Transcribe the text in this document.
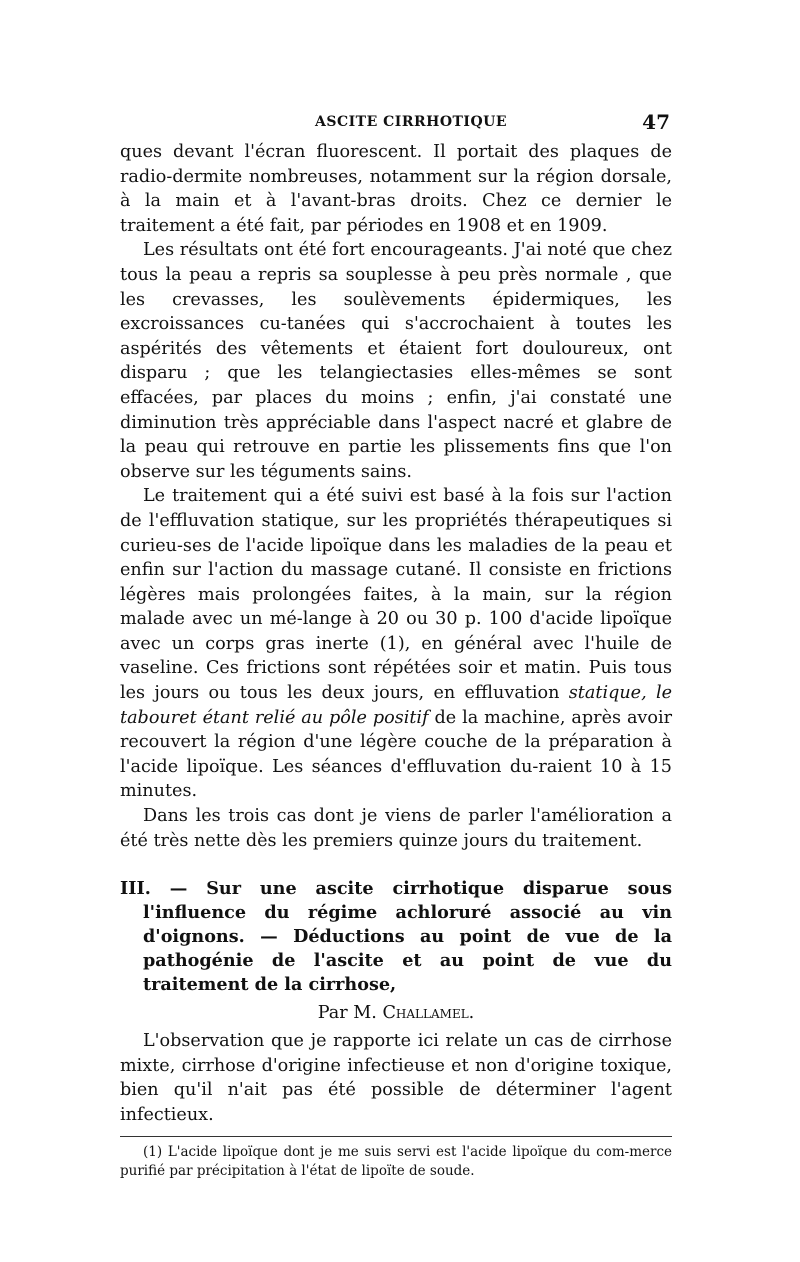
ASCITE CIRRHOTIQUE	47

ques devant l'écran fluorescent. Il portait des plaques de radio-dermite nombreuses, notamment sur la région dorsale, à la main et à l'avant-bras droits. Chez ce dernier le traitement a été fait, par périodes en 1908 et en 1909.

Les résultats ont été fort encourageants. J'ai noté que chez tous la peau a repris sa souplesse à peu près normale , que les crevasses, les soulèvements épidermiques, les excroissances cu-tanées qui s'accrochaient à toutes les aspérités des vêtements et étaient fort douloureux, ont disparu ; que les telangiectasies elles-mêmes se sont effacées, par places du moins ; enfin, j'ai constaté une diminution très appréciable dans l'aspect nacré et glabre de la peau qui retrouve en partie les plissements fins que l'on observe sur les téguments sains.

Le traitement qui a été suivi est basé à la fois sur l'action de l'effluvation statique, sur les propriétés thérapeutiques si curieu-ses de l'acide lipoïque dans les maladies de la peau et enfin sur l'action du massage cutané. Il consiste en frictions légères mais prolongées faites, à la main, sur la région malade avec un mé-lange à 20 ou 30 p. 100 d'acide lipoïque avec un corps gras inerte (1), en général avec l'huile de vaseline. Ces frictions sont répétées soir et matin. Puis tous les jours ou tous les deux jours, en effluvation statique, le tabouret étant relié au pôle positif de la machine, après avoir recouvert la région d'une légère couche de la préparation à l'acide lipoïque. Les séances d'effluvation du-raient 10 à 15 minutes.

Dans les trois cas dont je viens de parler l'amélioration a été très nette dès les premiers quinze jours du traitement.

III. — Sur une ascite cirrhotique disparue sous l'influence du régime achloruré associé au vin d'oignons. — Déductions au point de vue de la pathogénie de l'ascite et au point de vue du traitement de la cirrhose,
Par M. Challamel.

L'observation que je rapporte ici relate un cas de cirrhose mixte, cirrhose d'origine infectieuse et non d'origine toxique, bien qu'il n'ait pas été possible de déterminer l'agent infectieux.

(1) L'acide lipoïque dont je me suis servi est l'acide lipoïque du com-merce purifié par précipitation à l'état de lipoïte de soude.
